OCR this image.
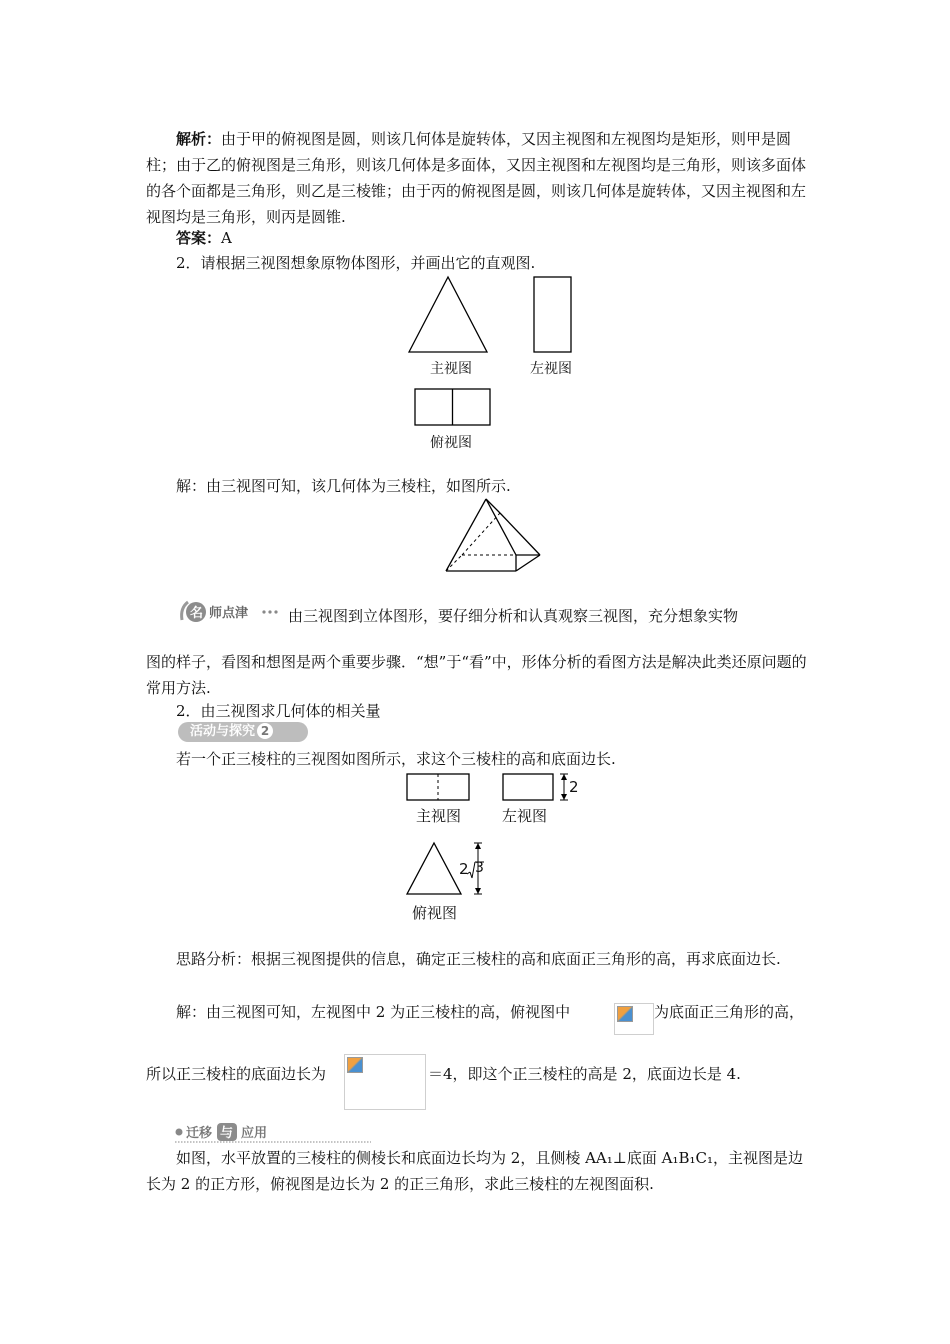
解析：由于甲的俯视图是圆，则该几何体是旋转体，又因主视图和左视图均是矩形，则甲是圆柱；由于乙的俯视图是三角形，则该几何体是多面体，又因主视图和左视图均是三角形，则该多面体的各个面都是三角形，则乙是三棱锥；由于丙的俯视图是圆，则该几何体是旋转体，又因主视图和左视图均是三角形，则丙是圆锥.

答案：A

2．请根据三视图想象原物体图形，并画出它的直观图.

主视图	左视图
俯视图

解：由三视图可知，该几何体为三棱柱，如图所示.

名 师点津	由三视图到立体图形，要仔细分析和认真观察三视图，充分想象实物

图的样子，看图和想图是两个重要步骤．“想”于“看”中，形体分析的看图方法是解决此类还原问题的常用方法.

2．由三视图求几何体的相关量

活动与探究 2

若一个正三棱柱的三视图如图所示，求这个三棱柱的高和底面边长.

2
2 3
主视图	左视图
俯视图

思路分析：根据三视图提供的信息，确定正三棱柱的高和底面正三角形的高，再求底面边长.

解：由三视图可知，左视图中 2 为正三棱柱的高，俯视图中	为底面正三角形的高，
所以正三棱柱的底面边长为	＝4，即这个正三棱柱的高是 2，底面边长是 4.
迁移 与 应用

如图，水平放置的三棱柱的侧棱长和底面边长均为 2，且侧棱 AA₁⊥底面 A₁B₁C₁，主视图是边长为 2 的正方形，俯视图是边长为 2 的正三角形，求此三棱柱的左视图面积.
